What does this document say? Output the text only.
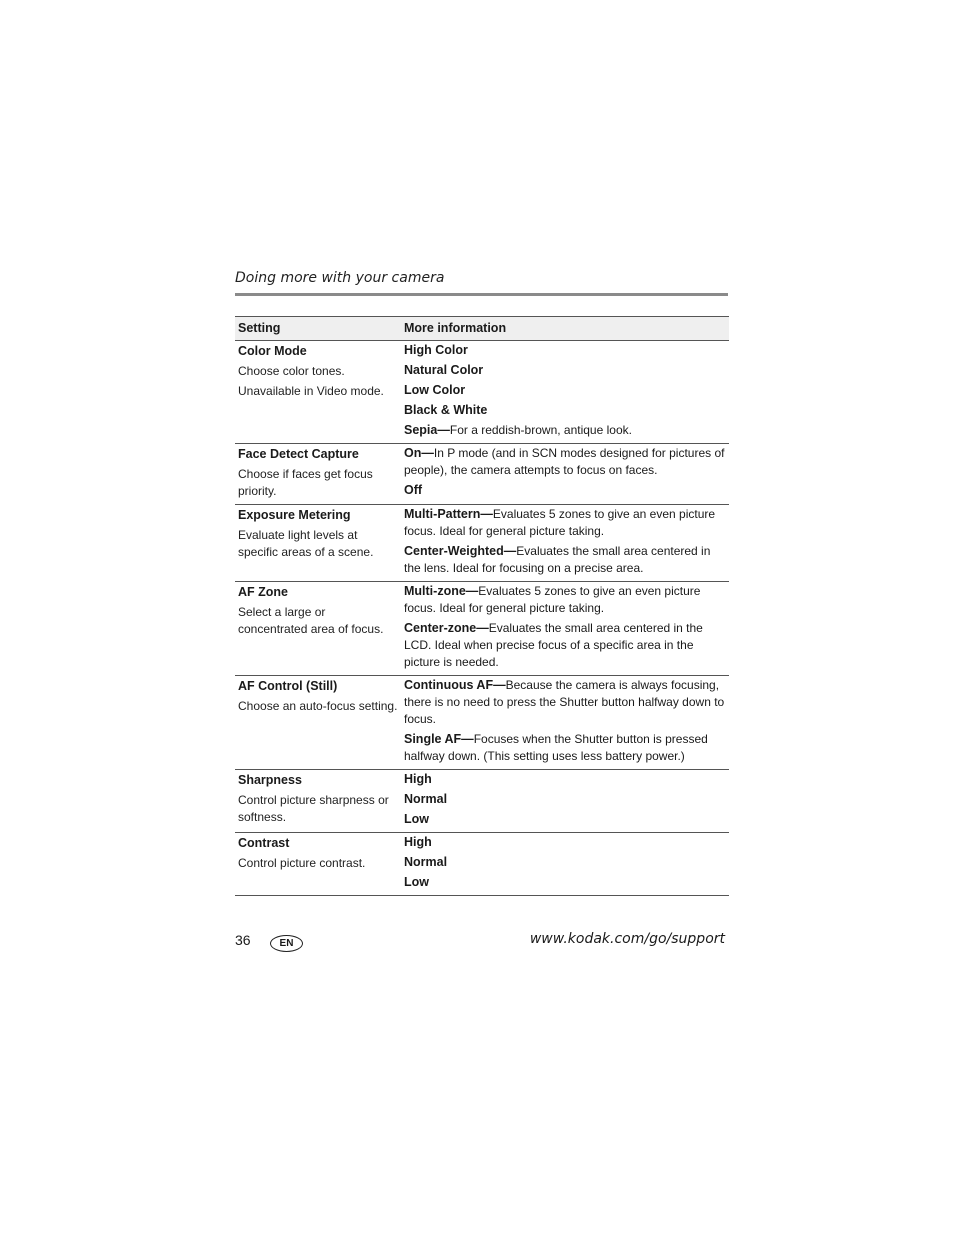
Doing more with your camera
Setting	More information

Color Mode
Choose color tones.
Unavailable in Video mode.	High Color
Natural Color
Low Color
Black & White
Sepia—For a reddish-brown, antique look.

Face Detect Capture
Choose if faces get focus priority.	On—In P mode (and in SCN modes designed for pictures of people), the camera attempts to focus on faces.
Off

Exposure Metering
Evaluate light levels at specific areas of a scene.	Multi-Pattern—Evaluates 5 zones to give an even picture focus. Ideal for general picture taking.
Center-Weighted—Evaluates the small area centered in the lens. Ideal for focusing on a precise area.

AF Zone
Select a large or concentrated area of focus.	Multi-zone—Evaluates 5 zones to give an even picture focus. Ideal for general picture taking.
Center-zone—Evaluates the small area centered in the LCD. Ideal when precise focus of a specific area in the picture is needed.

AF Control (Still)
Choose an auto-focus setting.	Continuous AF—Because the camera is always focusing, there is no need to press the Shutter button halfway down to focus.
Single AF—Focuses when the Shutter button is pressed halfway down. (This setting uses less battery power.)

Sharpness
Control picture sharpness or softness.	High
Normal
Low

Contrast
Control picture contrast.	High
Normal
Low
36	EN	www.kodak.com/go/support
